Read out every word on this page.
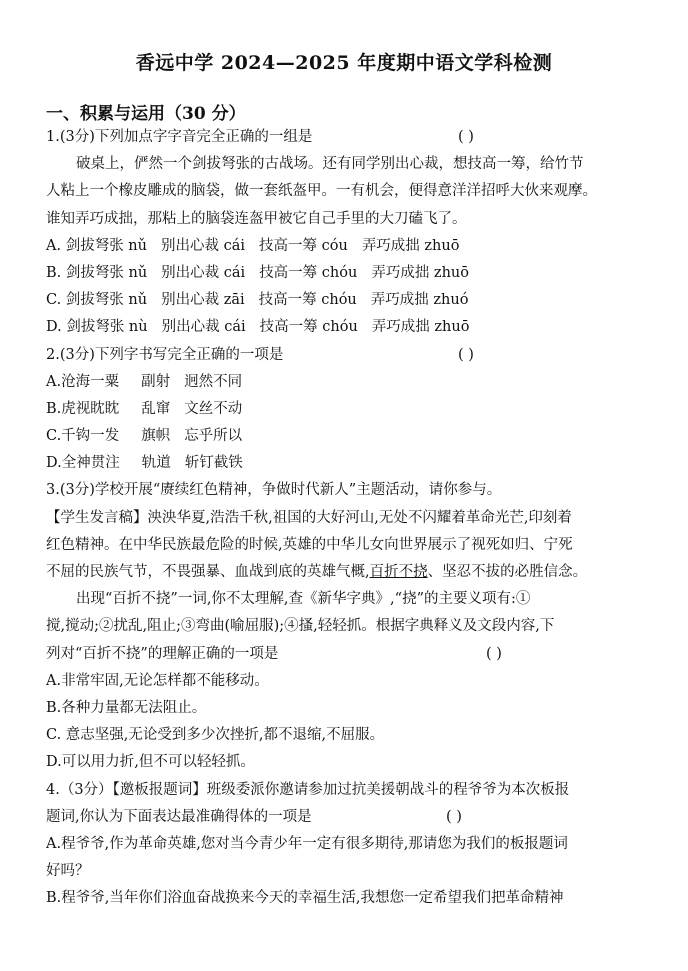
香远中学 2024—2025 年度期中语文学科检测
一、积累与运用（30 分）
1.(3分)下列加点字字音完全正确的一组是	( )
破桌上，俨然一个剑拔弩张的古战场。还有同学别出心裁，想技高一筹，给竹节
人粘上一个橡皮雕成的脑袋，做一套纸盔甲。一有机会，便得意洋洋招呼大伙来观摩。
谁知弄巧成拙，那粘上的脑袋连盔甲被它自己手里的大刀磕飞了。
A. 剑拔弩张 nǔ 别出心裁 cái 技高一筹 cóu 弄巧成拙 zhuō
B. 剑拔弩张 nǔ 别出心裁 cái 技高一筹 chóu 弄巧成拙 zhuō
C. 剑拔弩张 nǔ 别出心裁 zāi 技高一筹 chóu 弄巧成拙 zhuó
D. 剑拔弩张 nù 别出心裁 cái 技高一筹 chóu 弄巧成拙 zhuō
2.(3分)下列字书写完全正确的一项是	( )
A.沧海一粟 副射 迥然不同
B.虎视眈眈 乱窜 文丝不动
C.千钩一发 旗帜 忘乎所以
D.全神贯注 轨道 斩钉截铁
3.(3分)学校开展“赓续红色精神，争做时代新人”主题活动，请你参与。
【学生发言稿】泱泱华夏,浩浩千秋,祖国的大好河山,无处不闪耀着革命光芒,印刻着
红色精神。在中华民族最危险的时候,英雄的中华儿女向世界展示了视死如归、宁死
不屈的民族气节，不畏强暴、血战到底的英雄气概,百折不挠、坚忍不拔的必胜信念。
出现“百折不挠”一词,你不太理解,查《新华字典》,“挠”的主要义项有:①
搅,搅动;②扰乱,阻止;③弯曲(喻屈服);④搔,轻轻抓。根据字典释义及文段内容,下
列对“百折不挠”的理解正确的一项是	( )
A.非常牢固,无论怎样都不能移动。
B.各种力量都无法阻止。
C. 意志坚强,无论受到多少次挫折,都不退缩,不屈服。
D.可以用力折,但不可以轻轻抓。
4.（3分）【邀板报题词】班级委派你邀请参加过抗美援朝战斗的程爷爷为本次板报
题词,你认为下面表达最准确得体的一项是	( )
A.程爷爷,作为革命英雄,您对当今青少年一定有很多期待,那请您为我们的板报题词
好吗？
B.程爷爷,当年你们浴血奋战换来今天的幸福生活,我想您一定希望我们把革命精神
